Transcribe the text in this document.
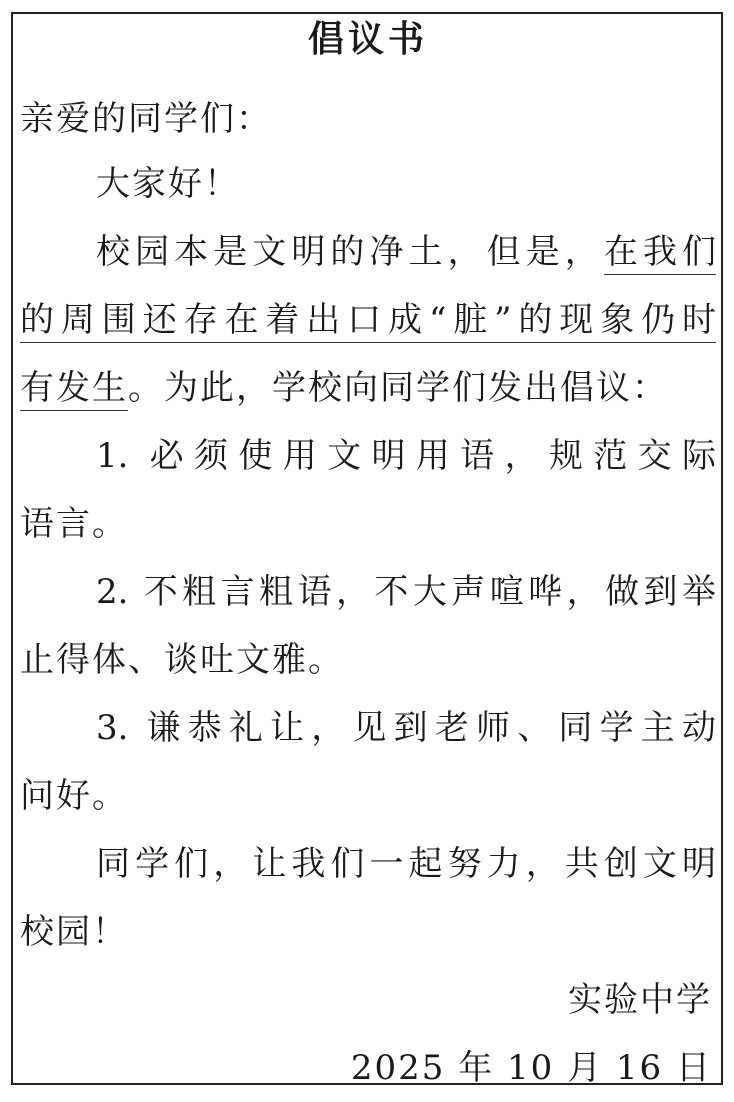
倡议书
亲爱的同学们：
大家好！
校园本是文明的净土，但是，在我们
的周围还存在着出口成“脏”的现象仍时
有发生。为此，学校向同学们发出倡议：
1. 必须使用文明用语，规范交际
语言。
2. 不粗言粗语，不大声喧哗，做到举
止得体、谈吐文雅。
3. 谦恭礼让，见到老师、同学主动
问好。
同学们，让我们一起努力，共创文明
校园！
实验中学
2025 年 10 月 16 日
